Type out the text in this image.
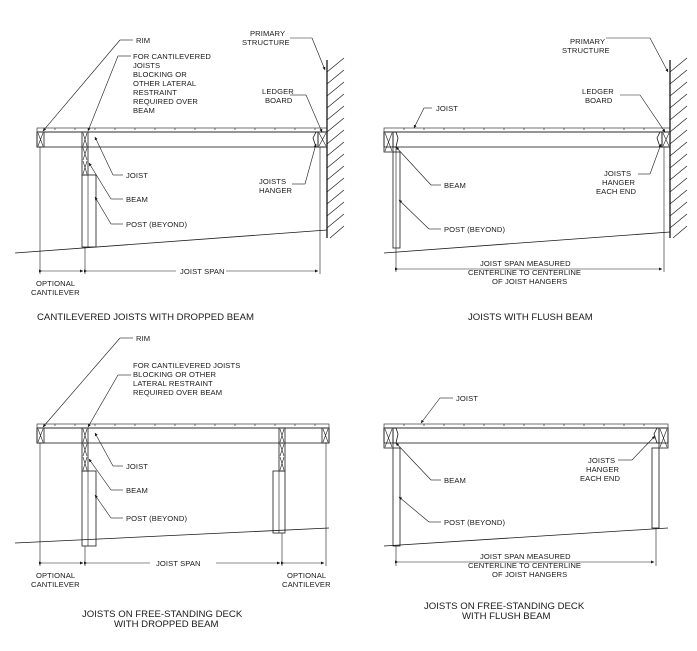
RIM
FOR CANTILEVERED
JOISTS
BLOCKING OR
OTHER LATERAL
RESTRAINT
REQUIRED OVER
BEAM
PRIMARY
STRUCTURE
LEDGER
BOARD
JOIST
JOISTS
HANGER
BEAM
POST (BEYOND)
OPTIONAL
CANTILEVER
JOIST SPAN
CANTILEVERED JOISTS WITH DROPPED BEAM
PRIMARY
STRUCTURE
LEDGER
BOARD
JOIST
JOISTS
HANGER
EACH END
BEAM
POST (BEYOND)
JOIST SPAN MEASURED
CENTERLINE TO CENTERLINE
OF JOIST HANGERS
JOISTS WITH FLUSH BEAM
RIM
FOR CANTILEVERED JOISTS
BLOCKING OR OTHER
LATERAL RESTRAINT
REQUIRED OVER BEAM
JOIST
BEAM
POST (BEYOND)
OPTIONAL
CANTILEVER
JOIST SPAN
OPTIONAL
CANTILEVER
JOISTS ON FREE-STANDING DECK
WITH DROPPED BEAM
JOIST
JOISTS
HANGER
EACH END
BEAM
POST (BEYOND)
JOIST SPAN MEASURED
CENTERLINE TO CENTERLINE
OF JOIST HANGERS
JOISTS ON FREE-STANDING DECK
WITH FLUSH BEAM
